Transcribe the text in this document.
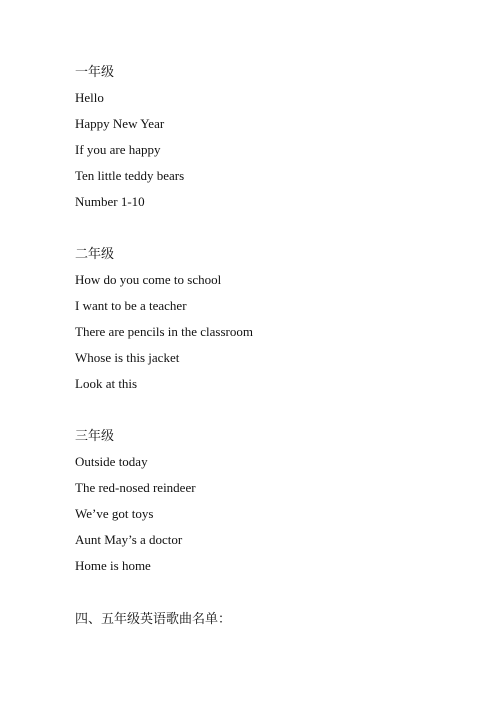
一年级
Hello
Happy New Year
If you are happy
Ten little teddy bears
Number 1-10
二年级
How do you come to school
I want to be a teacher
There are pencils in the classroom
Whose is this jacket
Look at this
三年级
Outside today
The red-nosed reindeer
We’ve got toys
Aunt May’s a doctor
Home is home
四、五年级英语歌曲名单：
